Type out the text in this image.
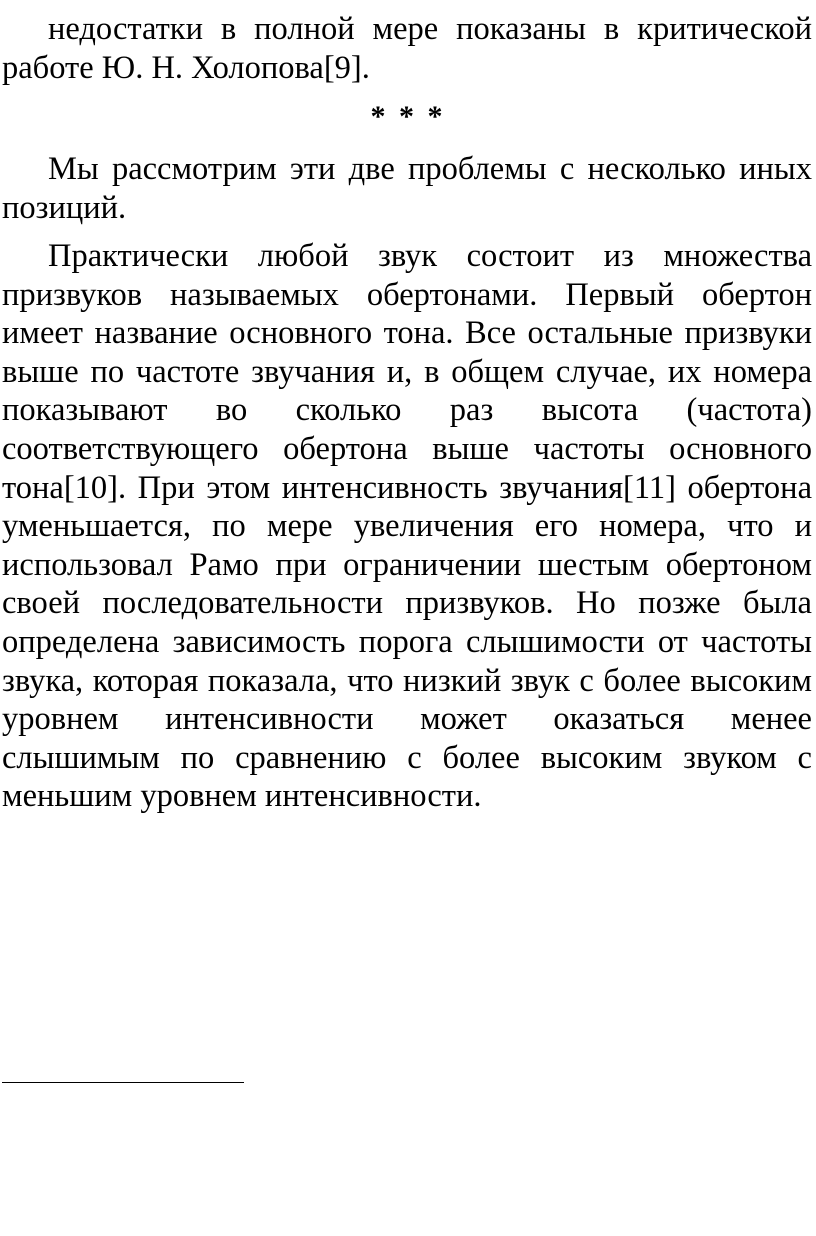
недостатки в полной мере показаны в критической работе Ю. Н. Холопова[9].

* * *

Мы рассмотрим эти две проблемы с несколько иных позиций.

Практически любой звук состоит из множества призвуков называемых обертонами. Первый обертон имеет название основного тона. Все остальные призвуки выше по частоте звучания и, в общем случае, их номера показывают во сколько раз высота (частота) соответствующего обертона выше частоты основного тона[10]. При этом интенсивность звучания[11] обертона уменьшается, по мере увеличения его номера, что и использовал Рамо при ограничении шестым обертоном своей последовательности призвуков. Но позже была определена зависимость порога слышимости от частоты звука, которая показала, что низкий звук с более высоким уровнем интенсивности может оказаться менее слышимым по сравнению с более высоким звуком с меньшим уровнем интенсивности.
